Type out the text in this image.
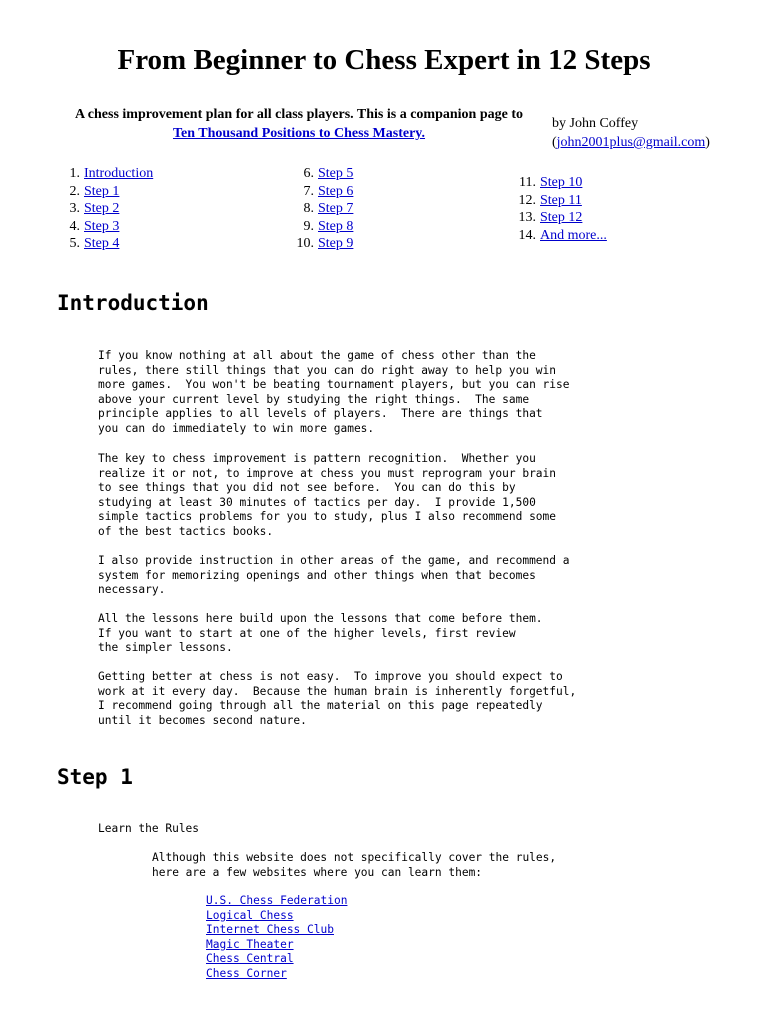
From Beginner to Chess Expert in 12 Steps
A chess improvement plan for all class players. This is a companion page to
Ten Thousand Positions to Chess Mastery.
by John Coffey
(john2001plus@gmail.com)
1. Introduction
2. Step 1
3. Step 2
4. Step 3
5. Step 4
6. Step 5
7. Step 6
8. Step 7
9. Step 8
10. Step 9
11. Step 10
12. Step 11
13. Step 12
14. And more...
Introduction
If you know nothing at all about the game of chess other than the
rules, there still things that you can do right away to help you win
more games.  You won't be beating tournament players, but you can rise
above your current level by studying the right things.  The same
principle applies to all levels of players.  There are things that
you can do immediately to win more games.
The key to chess improvement is pattern recognition.  Whether you
realize it or not, to improve at chess you must reprogram your brain
to see things that you did not see before.  You can do this by
studying at least 30 minutes of tactics per day.  I provide 1,500
simple tactics problems for you to study, plus I also recommend some
of the best tactics books.
I also provide instruction in other areas of the game, and recommend a
system for memorizing openings and other things when that becomes
necessary.
All the lessons here build upon the lessons that come before them.
If you want to start at one of the higher levels, first review
the simpler lessons.
Getting better at chess is not easy.  To improve you should expect to
work at it every day.  Because the human brain is inherently forgetful,
I recommend going through all the material on this page repeatedly
until it becomes second nature.
Step 1
Learn the Rules
Although this website does not specifically cover the rules,
here are a few websites where you can learn them:
U.S. Chess Federation
Logical Chess
Internet Chess Club
Magic Theater
Chess Central
Chess Corner
